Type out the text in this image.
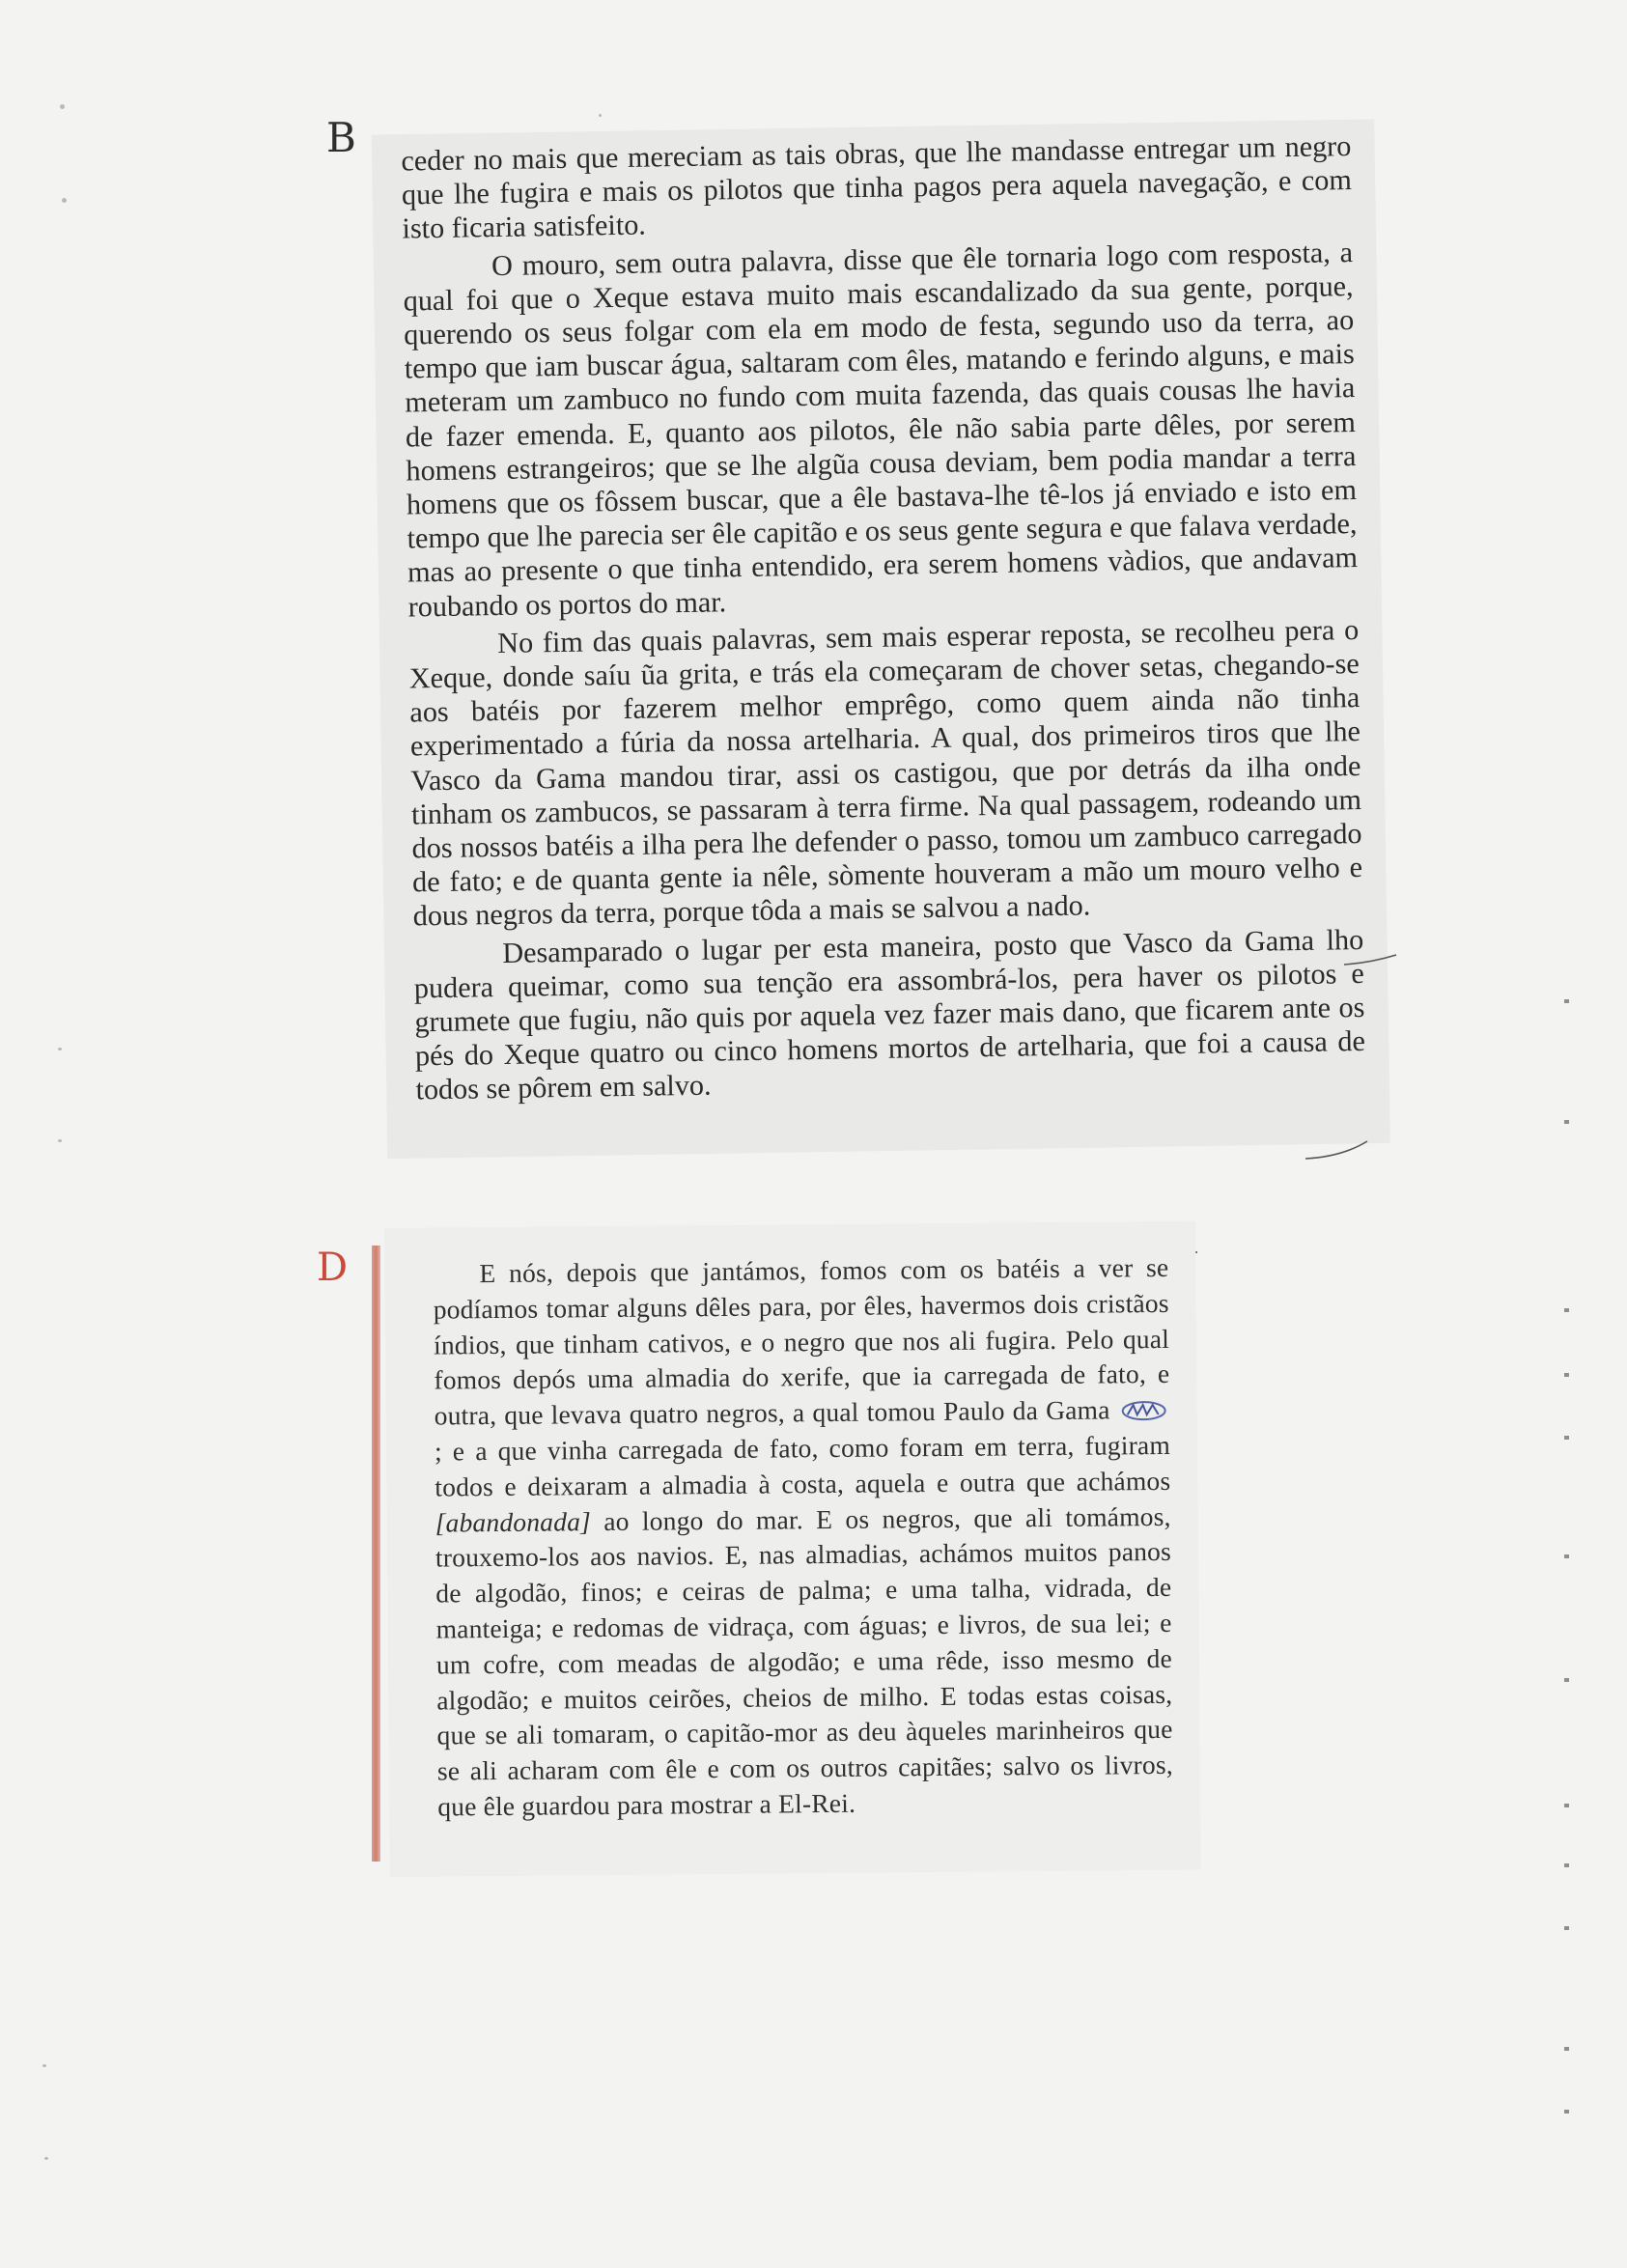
B
D

ceder no mais que mereciam as tais obras, que lhe mandasse entregar um negro que lhe fugira e mais os pilotos que tinha pagos pera aquela navegação, e com isto ficaria satisfeito.

O mouro, sem outra palavra, disse que êle tornaria logo com resposta, a qual foi que o Xeque estava muito mais escandalizado da sua gente, porque, querendo os seus folgar com ela em modo de festa, segundo uso da terra, ao tempo que iam buscar água, saltaram com êles, matando e ferindo alguns, e mais meteram um zambuco no fundo com muita fazenda, das quais cousas lhe havia de fazer emenda. E, quanto aos pilotos, êle não sabia parte dêles, por serem homens estrangeiros; que se lhe algũa cousa deviam, bem podia mandar a terra homens que os fôssem buscar, que a êle bastava-lhe tê-los já enviado e isto em tempo que lhe parecia ser êle capitão e os seus gente segura e que falava verdade, mas ao presente o que tinha entendido, era serem homens vàdios, que andavam roubando os portos do mar.

No fim das quais palavras, sem mais esperar reposta, se recolheu pera o Xeque, donde saíu ũa grita, e trás ela começaram de chover setas, chegando-se aos batéis por fazerem melhor emprêgo, como quem ainda não tinha experimentado a fúria da nossa artelharia. A qual, dos primeiros tiros que lhe Vasco da Gama mandou tirar, assi os castigou, que por detrás da ilha onde tinham os zambucos, se passaram à terra firme. Na qual passagem, rodeando um dos nossos batéis a ilha pera lhe defender o passo, tomou um zambuco carregado de fato; e de quanta gente ia nêle, sòmente houveram a mão um mouro velho e dous negros da terra, porque tôda a mais se salvou a nado.

Desamparado o lugar per esta maneira, posto que Vasco da Gama lho pudera queimar, como sua tenção era assombrá-los, pera haver os pilotos e grumete que fugiu, não quis por aquela vez fazer mais dano, que ficarem ante os pés do Xeque quatro ou cinco homens mortos de artelharia, que foi a causa de todos se pôrem em salvo.

E nós, depois que jantámos, fomos com os batéis a ver se podíamos tomar alguns dêles para, por êles, havermos dois cristãos índios, que tinham cativos, e o negro que nos ali fugira. Pelo qual fomos depós uma almadia do xerife, que ia carregada de fato, e outra, que levava quatro negros, a qual tomou Paulo da Gama  ; e a que vinha carregada de fato, como foram em terra, fugiram todos e deixaram a almadia à costa, aquela e outra que achámos [abandonada] ao longo do mar. E os negros, que ali tomámos, trouxemo-los aos navios. E, nas almadias, achámos muitos panos de algodão, finos; e ceiras de palma; e uma talha, vidrada, de manteiga; e redomas de vidraça, com águas; e livros, de sua lei; e um cofre, com meadas de algodão; e uma rêde, isso mesmo de algodão; e muitos ceirões, cheios de milho. E todas estas coisas, que se ali tomaram, o capitão-mor as deu àqueles marinheiros que se ali acharam com êle e com os outros capitães; salvo os livros, que êle guardou para mostrar a El-Rei.
